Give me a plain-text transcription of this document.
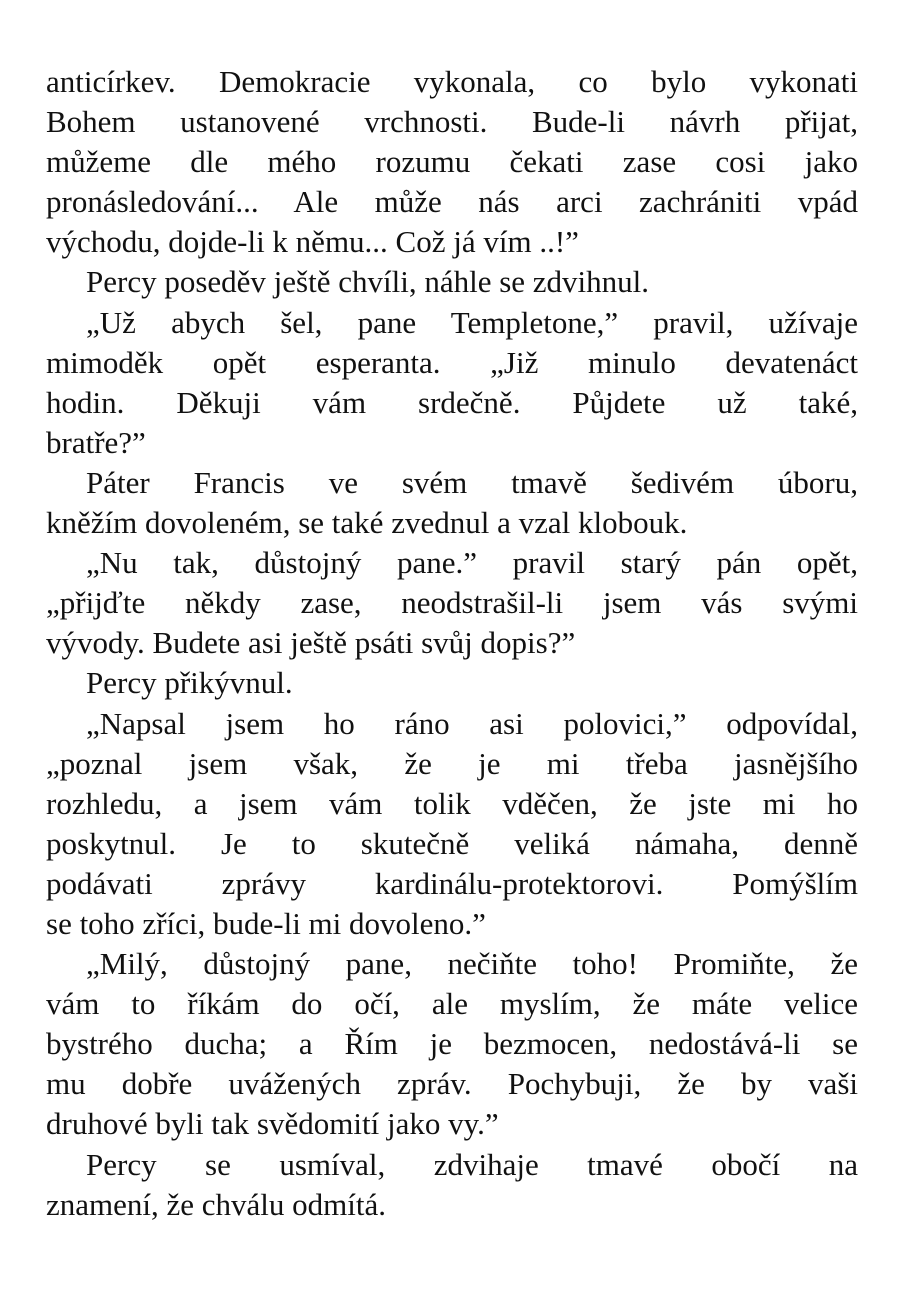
anticírkev. Demokracie vykonala, co bylo vykonati
Bohem ustanovené vrchnosti. Bude-li návrh přijat,
můžeme dle mého rozumu čekati zase cosi jako
pronásledování... Ale může nás arci zachrániti vpád
východu, dojde-li k němu... Což já vím ..!”
Percy poseděv ještě chvíli, náhle se zdvihnul.
„Už abych šel, pane Templetone,” pravil, užívaje
mimoděk opět esperanta. „Již minulo devatenáct
hodin. Děkuji vám srdečně. Půjdete už také,
bratře?”
Páter Francis ve svém tmavě šedivém úboru,
kněžím dovoleném, se také zvednul a vzal klobouk.
„Nu tak, důstojný pane.” pravil starý pán opět,
„přijďte někdy zase, neodstrašil-li jsem vás svými
vývody. Budete asi ještě psáti svůj dopis?”
Percy přikývnul.
„Napsal jsem ho ráno asi polovici,” odpovídal,
„poznal jsem však, že je mi třeba jasnějšího
rozhledu, a jsem vám tolik vděčen, že jste mi ho
poskytnul. Je to skutečně veliká námaha, denně
podávati zprávy kardinálu-protektorovi. Pomýšlím
se toho zříci, bude-li mi dovoleno.”
„Milý, důstojný pane, nečiňte toho! Promiňte, že
vám to říkám do očí, ale myslím, že máte velice
bystrého ducha; a Řím je bezmocen, nedostává-li se
mu dobře uvážených zpráv. Pochybuji, že by vaši
druhové byli tak svědomití jako vy.”
Percy se usmíval, zdvihaje tmavé obočí na
znamení, že chválu odmítá.
